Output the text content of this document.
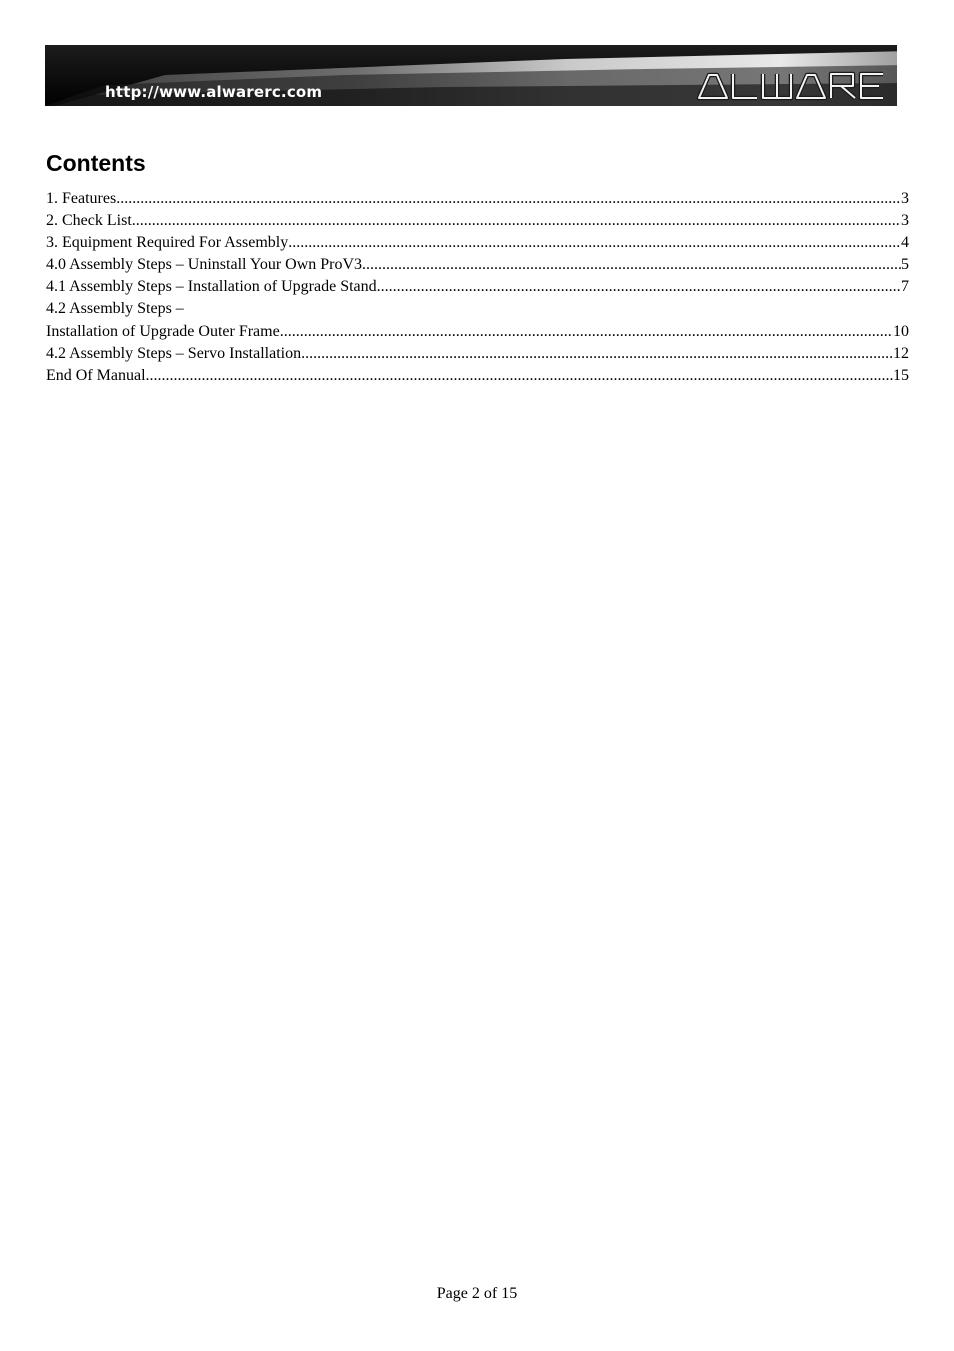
http://www.alwarerc.com
Contents
1. Features .....	3
2. Check List .....	3
3. Equipment Required For Assembly .....	4
4.0 Assembly Steps – Uninstall Your Own ProV3 .....	5
4.1 Assembly Steps – Installation of Upgrade Stand .....	7
4.2 Assembly Steps –
Installation of Upgrade Outer Frame .....	10
4.2 Assembly Steps – Servo Installation .....	12
End Of Manual .....	15
Page 2 of 15
